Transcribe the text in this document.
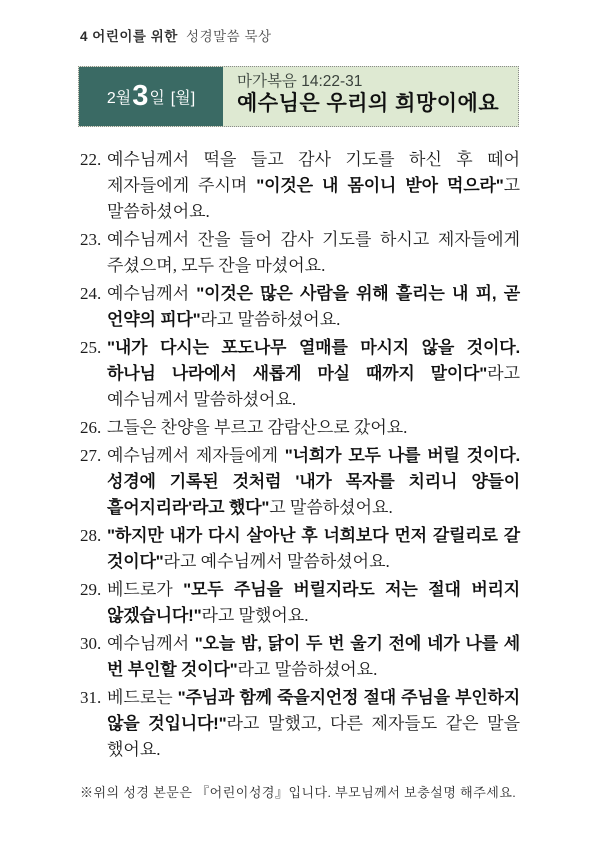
4 어린이를 위한 성경말씀 묵상
2월 3 일 [월]
마가복음 14:22-31
예수님은 우리의 희망이에요
22. 예수님께서 떡을 들고 감사 기도를 하신 후 떼어 제자들에게 주시며 "이것은 내 몸이니 받아 먹으라"고 말씀하셨어요.
23. 예수님께서 잔을 들어 감사 기도를 하시고 제자들에게 주셨으며, 모두 잔을 마셨어요.
24. 예수님께서 "이것은 많은 사람을 위해 흘리는 내 피, 곧 언약의 피다"라고 말씀하셨어요.
25. "내가 다시는 포도나무 열매를 마시지 않을 것이다. 하나님 나라에서 새롭게 마실 때까지 말이다"라고 예수님께서 말씀하셨어요.
26. 그들은 찬양을 부르고 감람산으로 갔어요.
27. 예수님께서 제자들에게 "너희가 모두 나를 버릴 것이다. 성경에 기록된 것처럼 '내가 목자를 치리니 양들이 흩어지리라'라고 했다"고 말씀하셨어요.
28. "하지만 내가 다시 살아난 후 너희보다 먼저 갈릴리로 갈 것이다"라고 예수님께서 말씀하셨어요.
29. 베드로가 "모두 주님을 버릴지라도 저는 절대 버리지 않겠습니다!"라고 말했어요.
30. 예수님께서 "오늘 밤, 닭이 두 번 울기 전에 네가 나를 세 번 부인할 것이다"라고 말씀하셨어요.
31. 베드로는 "주님과 함께 죽을지언정 절대 주님을 부인하지 않을 것입니다!"라고 말했고, 다른 제자들도 같은 말을 했어요.
※위의 성경 본문은 『어린이성경』입니다. 부모님께서 보충설명 해주세요.
